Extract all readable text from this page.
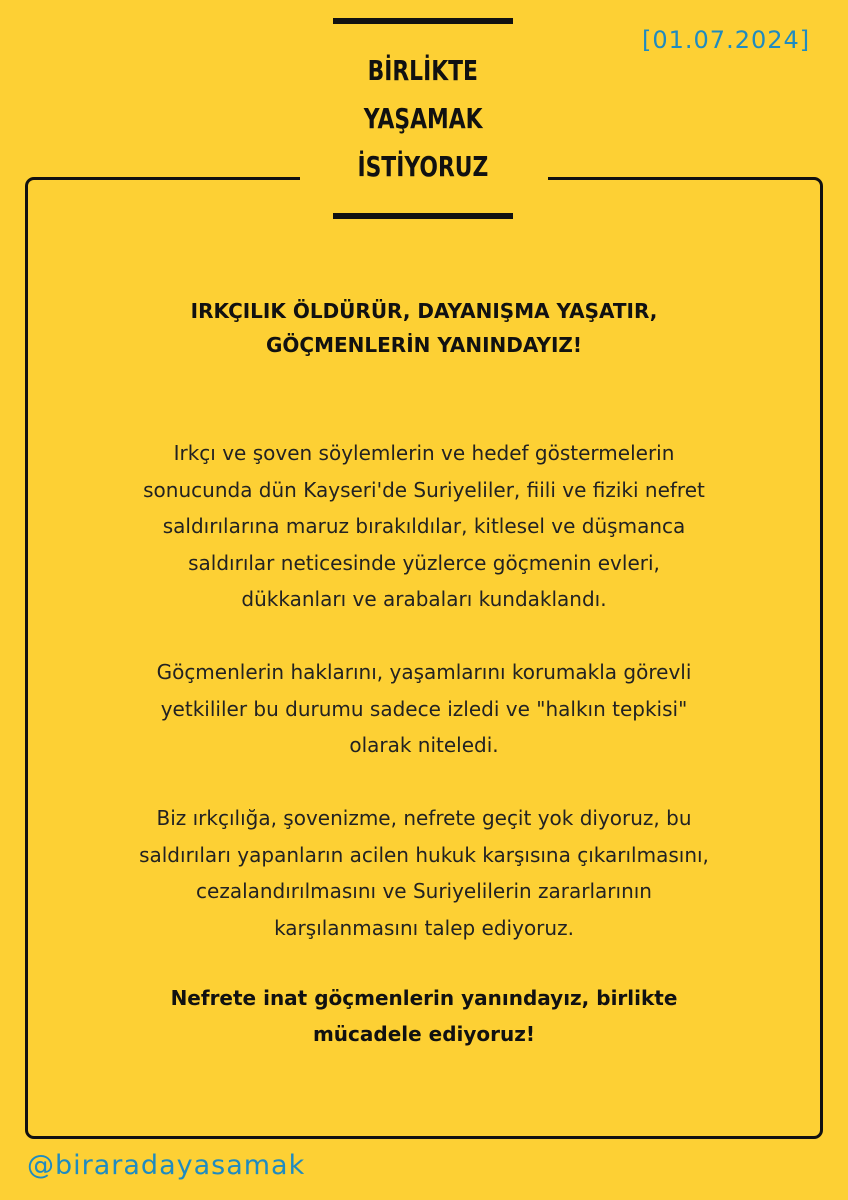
BİRLİKTE
YAŞAMAK
İSTİYORUZ
[01.07.2024]
IRKÇILIK ÖLDÜRÜR, DAYANIŞMA YAŞATIR,
GÖÇMENLERİN YANINDAYIZ!
Irkçı ve şoven söylemlerin ve hedef göstermelerin
sonucunda dün Kayseri'de Suriyeliler, fiili ve fiziki nefret
saldırılarına maruz bırakıldılar, kitlesel ve düşmanca
saldırılar neticesinde yüzlerce göçmenin evleri,
dükkanları ve arabaları kundaklandı.
Göçmenlerin haklarını, yaşamlarını korumakla görevli
yetkililer bu durumu sadece izledi ve "halkın tepkisi"
olarak niteledi.
Biz ırkçılığa, şovenizme, nefrete geçit yok diyoruz, bu
saldırıları yapanların acilen hukuk karşısına çıkarılmasını,
cezalandırılmasını ve Suriyelilerin zararlarının
karşılanmasını talep ediyoruz.
Nefrete inat göçmenlerin yanındayız, birlikte
mücadele ediyoruz!
@biraradayasamak
